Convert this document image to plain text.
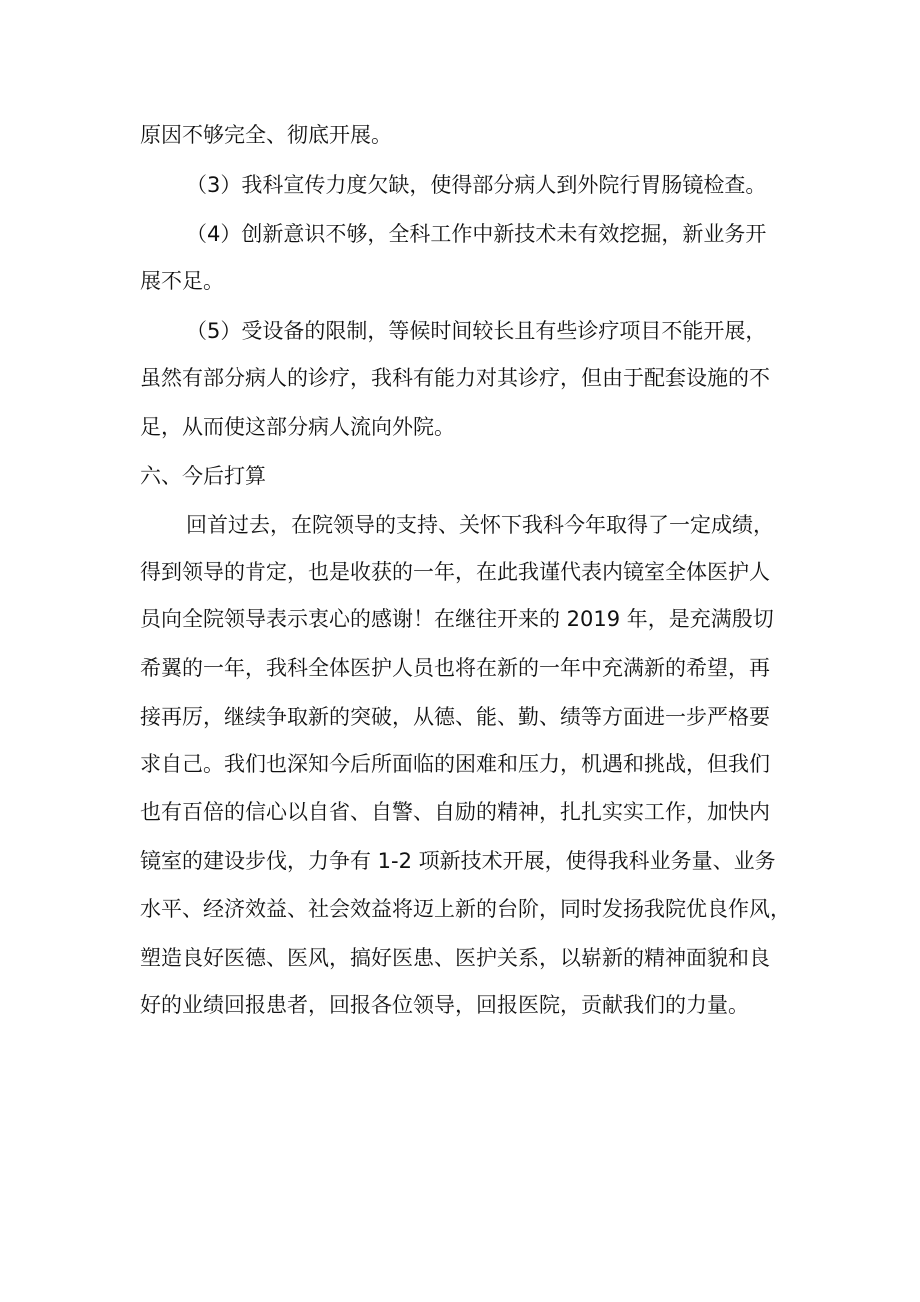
原因不够完全、彻底开展。
（3）我科宣传力度欠缺，使得部分病人到外院行胃肠镜检查。
（4）创新意识不够，全科工作中新技术未有效挖掘，新业务开
展不足。
（5）受设备的限制，等候时间较长且有些诊疗项目不能开展，
虽然有部分病人的诊疗，我科有能力对其诊疗，但由于配套设施的不
足，从而使这部分病人流向外院。
六、今后打算
回首过去，在院领导的支持、关怀下我科今年取得了一定成绩，
得到领导的肯定，也是收获的一年，在此我谨代表内镜室全体医护人
员向全院领导表示衷心的感谢！在继往开来的 2019 年，是充满殷切
希翼的一年，我科全体医护人员也将在新的一年中充满新的希望，再
接再厉，继续争取新的突破，从德、能、勤、绩等方面进一步严格要
求自己。我们也深知今后所面临的困难和压力，机遇和挑战，但我们
也有百倍的信心以自省、自警、自励的精神，扎扎实实工作，加快内
镜室的建设步伐，力争有 1-2 项新技术开展，使得我科业务量、业务
水平、经济效益、社会效益将迈上新的台阶，同时发扬我院优良作风，
塑造良好医德、医风，搞好医患、医护关系，以崭新的精神面貌和良
好的业绩回报患者，回报各位领导，回报医院，贡献我们的力量。
